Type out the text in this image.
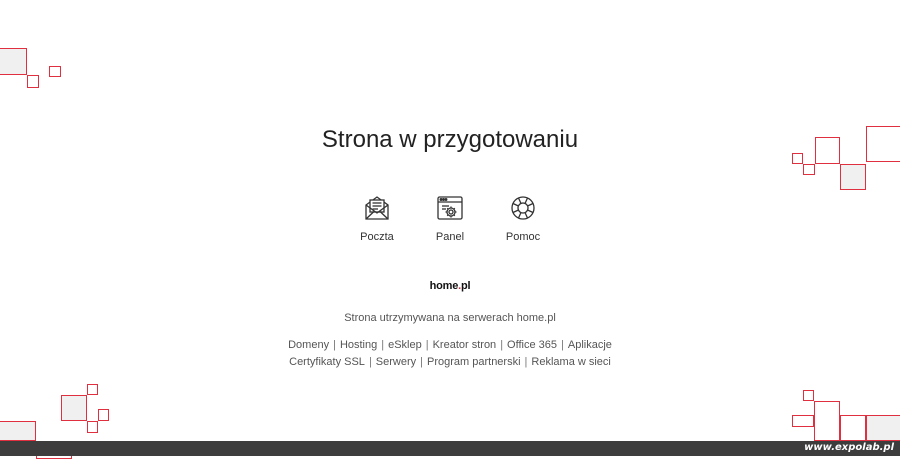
Strona w przygotowaniu
Poczta	Panel	Pomoc
home.pl
Strona utrzymywana na serwerach home.pl
Domeny | Hosting | eSklep | Kreator stron | Office 365 | Aplikacje
Certyfikaty SSL | Serwery | Program partnerski | Reklama w sieci
www.expolab.pl
